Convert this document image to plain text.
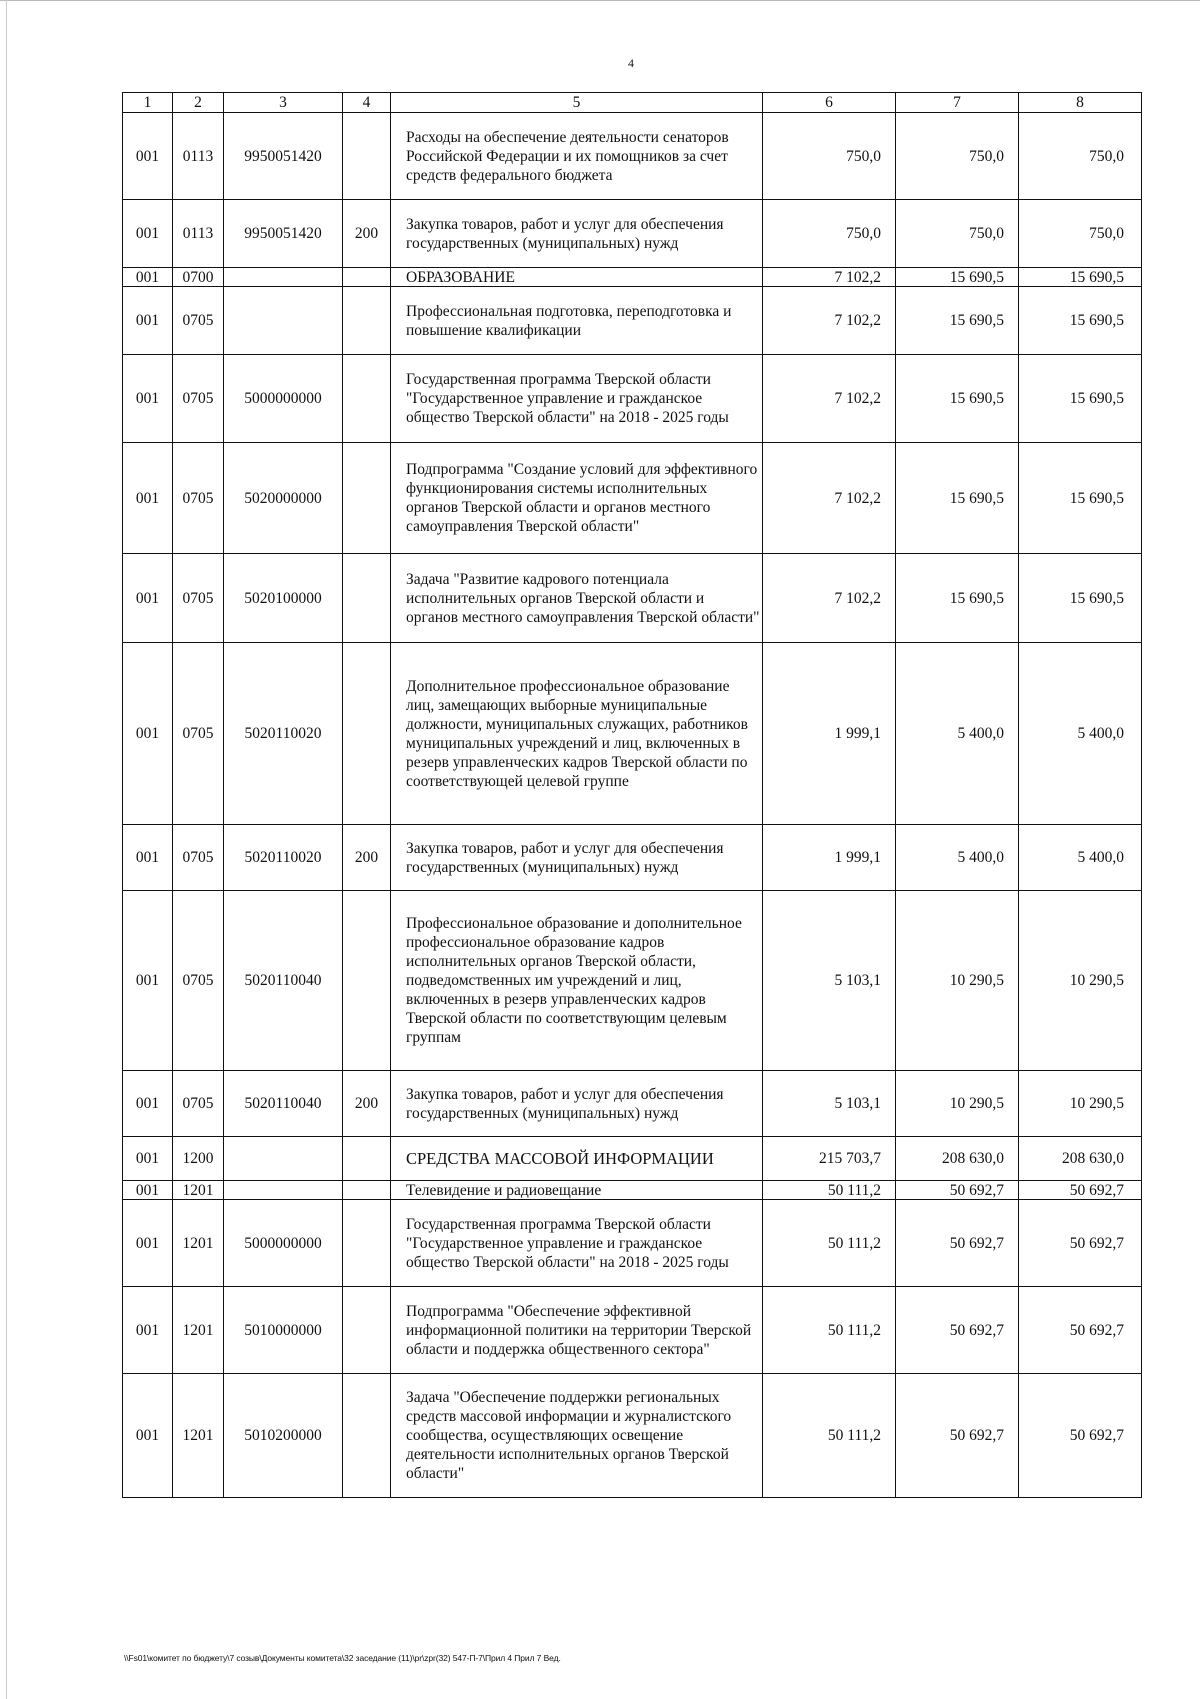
4
1	2	3	4	5	6	7	8
001	0113	9950051420		Расходы на обеспечение деятельности сенаторов Российской Федерации и их помощников за счет средств федерального бюджета	750,0	750,0	750,0
001	0113	9950051420	200	Закупка товаров, работ и услуг для обеспечения государственных (муниципальных) нужд	750,0	750,0	750,0
001	0700			ОБРАЗОВАНИЕ	7 102,2	15 690,5	15 690,5
001	0705			Профессиональная подготовка, переподготовка и повышение квалификации	7 102,2	15 690,5	15 690,5
001	0705	5000000000		Государственная программа Тверской области "Государственное управление и гражданское общество Тверской области" на 2018 - 2025 годы	7 102,2	15 690,5	15 690,5
001	0705	5020000000		Подпрограмма "Создание условий для эффективного функционирования системы исполнительных органов Тверской области и органов местного самоуправления Тверской области"	7 102,2	15 690,5	15 690,5
001	0705	5020100000		Задача "Развитие кадрового потенциала исполнительных органов Тверской области и органов местного самоуправления Тверской области"	7 102,2	15 690,5	15 690,5
001	0705	5020110020		Дополнительное профессиональное образование лиц, замещающих выборные муниципальные должности, муниципальных служащих, работников муниципальных учреждений и лиц, включенных в резерв управленческих кадров Тверской области по соответствующей целевой группе	1 999,1	5 400,0	5 400,0
001	0705	5020110020	200	Закупка товаров, работ и услуг для обеспечения государственных (муниципальных) нужд	1 999,1	5 400,0	5 400,0
001	0705	5020110040		Профессиональное образование и дополнительное профессиональное образование кадров исполнительных органов Тверской области, подведомственных им учреждений и лиц, включенных в резерв управленческих кадров Тверской области по соответствующим целевым группам	5 103,1	10 290,5	10 290,5
001	0705	5020110040	200	Закупка товаров, работ и услуг для обеспечения государственных (муниципальных) нужд	5 103,1	10 290,5	10 290,5
001	1200			СРЕДСТВА МАССОВОЙ ИНФОРМАЦИИ	215 703,7	208 630,0	208 630,0
001	1201			Телевидение и радиовещание	50 111,2	50 692,7	50 692,7
001	1201	5000000000		Государственная программа Тверской области "Государственное управление и гражданское общество Тверской области" на 2018 - 2025 годы	50 111,2	50 692,7	50 692,7
001	1201	5010000000		Подпрограмма "Обеспечение эффективной информационной политики на территории Тверской области и поддержка общественного сектора"	50 111,2	50 692,7	50 692,7
001	1201	5010200000		Задача "Обеспечение поддержки региональных средств массовой информации и журналистского сообщества, осуществляющих освещение деятельности исполнительных органов Тверской области"	50 111,2	50 692,7	50 692,7
\\Fs01\комитет по бюджету\7 созыв\Документы комитета\32 заседание (11)\pr\zpr(32) 547-П-7\Прил 4 Прил 7 Вед.
